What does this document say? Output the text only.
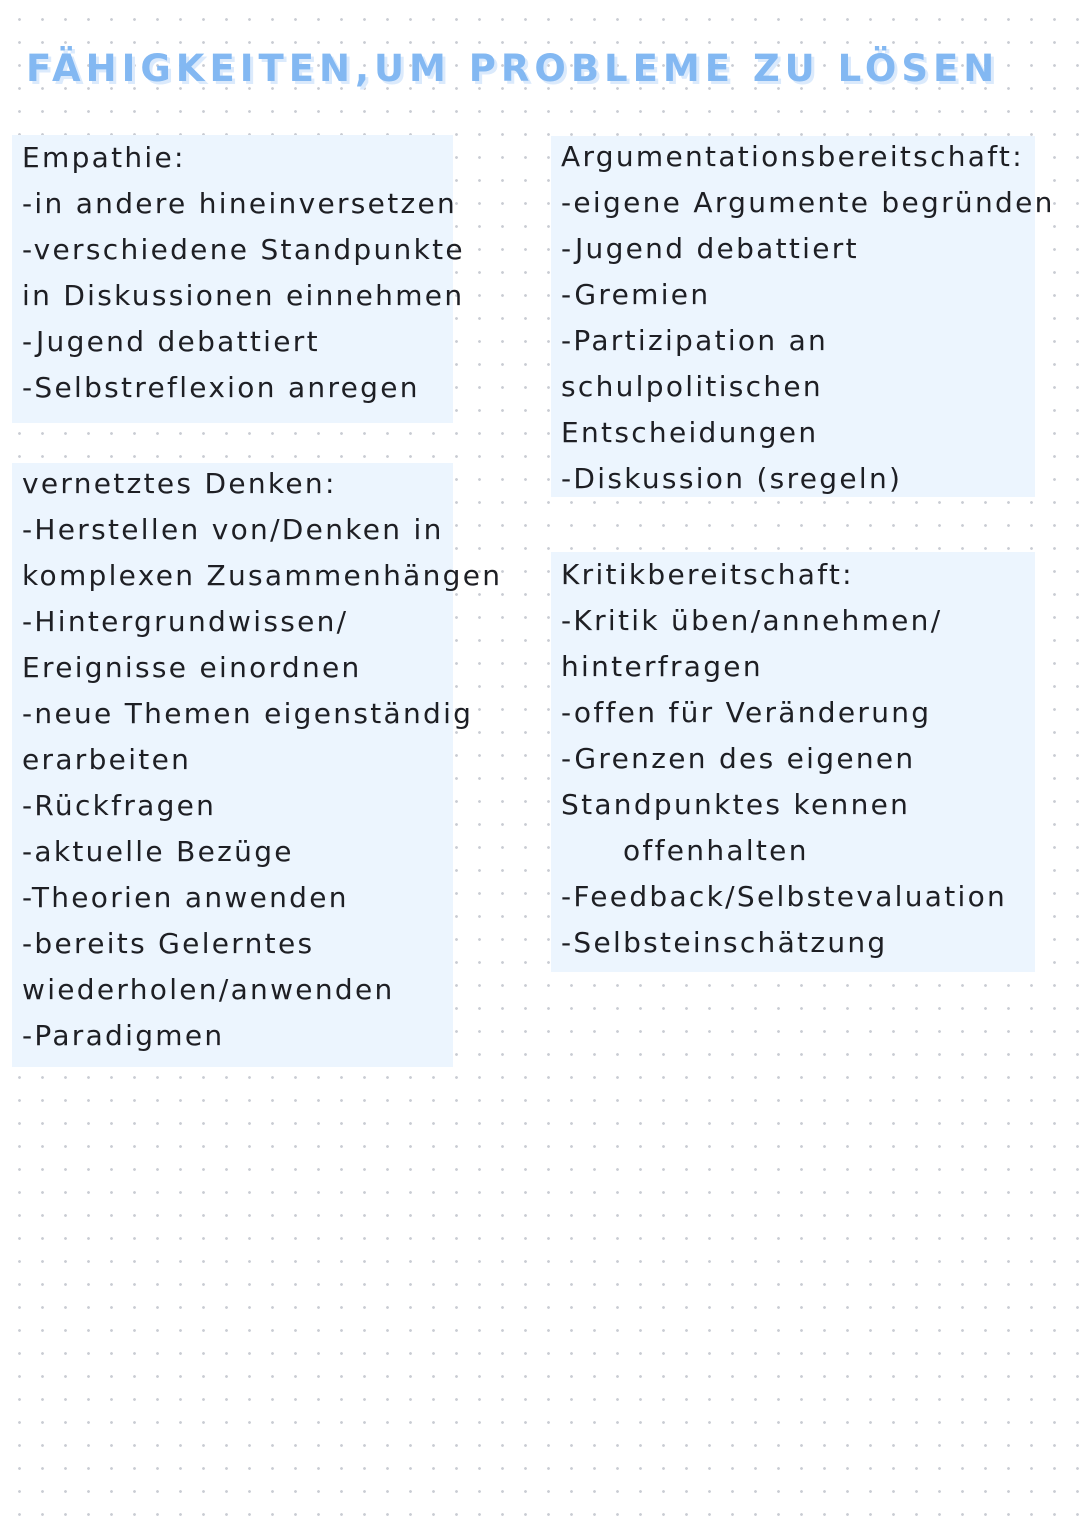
FÄHIGKEITEN,UM PROBLEME ZU LÖSEN
Empathie:
-in andere hineinversetzen
-verschiedene Standpunkte
in Diskussionen einnehmen
-Jugend debattiert
-Selbstreflexion anregen
vernetztes Denken:
-Herstellen von/Denken in
komplexen Zusammenhängen
-Hintergrundwissen/
Ereignisse einordnen
-neue Themen eigenständig
erarbeiten
-Rückfragen
-aktuelle Bezüge
-Theorien anwenden
-bereits Gelerntes
wiederholen/anwenden
-Paradigmen
Argumentationsbereitschaft:
-eigene Argumente begründen
-Jugend debattiert
-Gremien
-Partizipation an
schulpolitischen
Entscheidungen
-Diskussion (sregeln)
Kritikbereitschaft:
-Kritik üben/annehmen/
hinterfragen
-offen für Veränderung
-Grenzen des eigenen
Standpunktes kennen
offenhalten
-Feedback/Selbstevaluation
-Selbsteinschätzung
